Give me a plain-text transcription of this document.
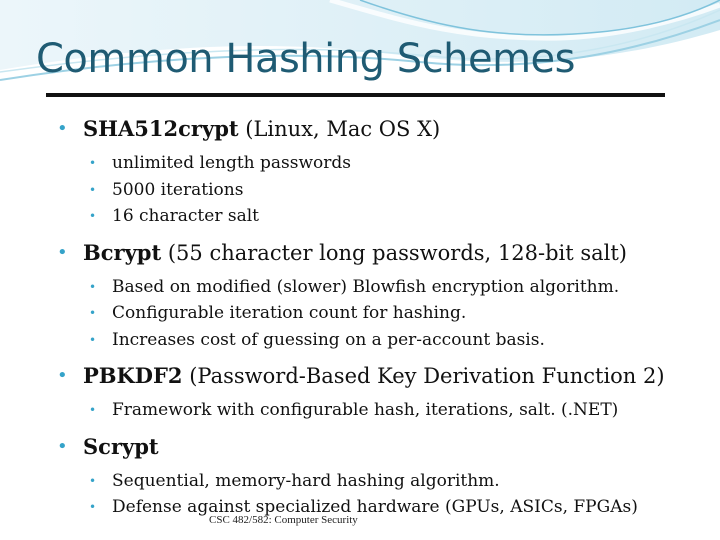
Common Hashing Schemes
• SHA512crypt (Linux, Mac OS X)
• unlimited length passwords
• 5000 iterations
• 16 character salt
• Bcrypt (55 character long passwords, 128-bit salt)
• Based on modified (slower) Blowfish encryption algorithm.
• Configurable iteration count for hashing.
• Increases cost of guessing on a per-account basis.
• PBKDF2 (Password-Based Key Derivation Function 2)
• Framework with configurable hash, iterations, salt. (.NET)
• Scrypt
• Sequential, memory-hard hashing algorithm.
• Defense against specialized hardware (GPUs, ASICs, FPGAs)
CSC 482/582: Computer Security
